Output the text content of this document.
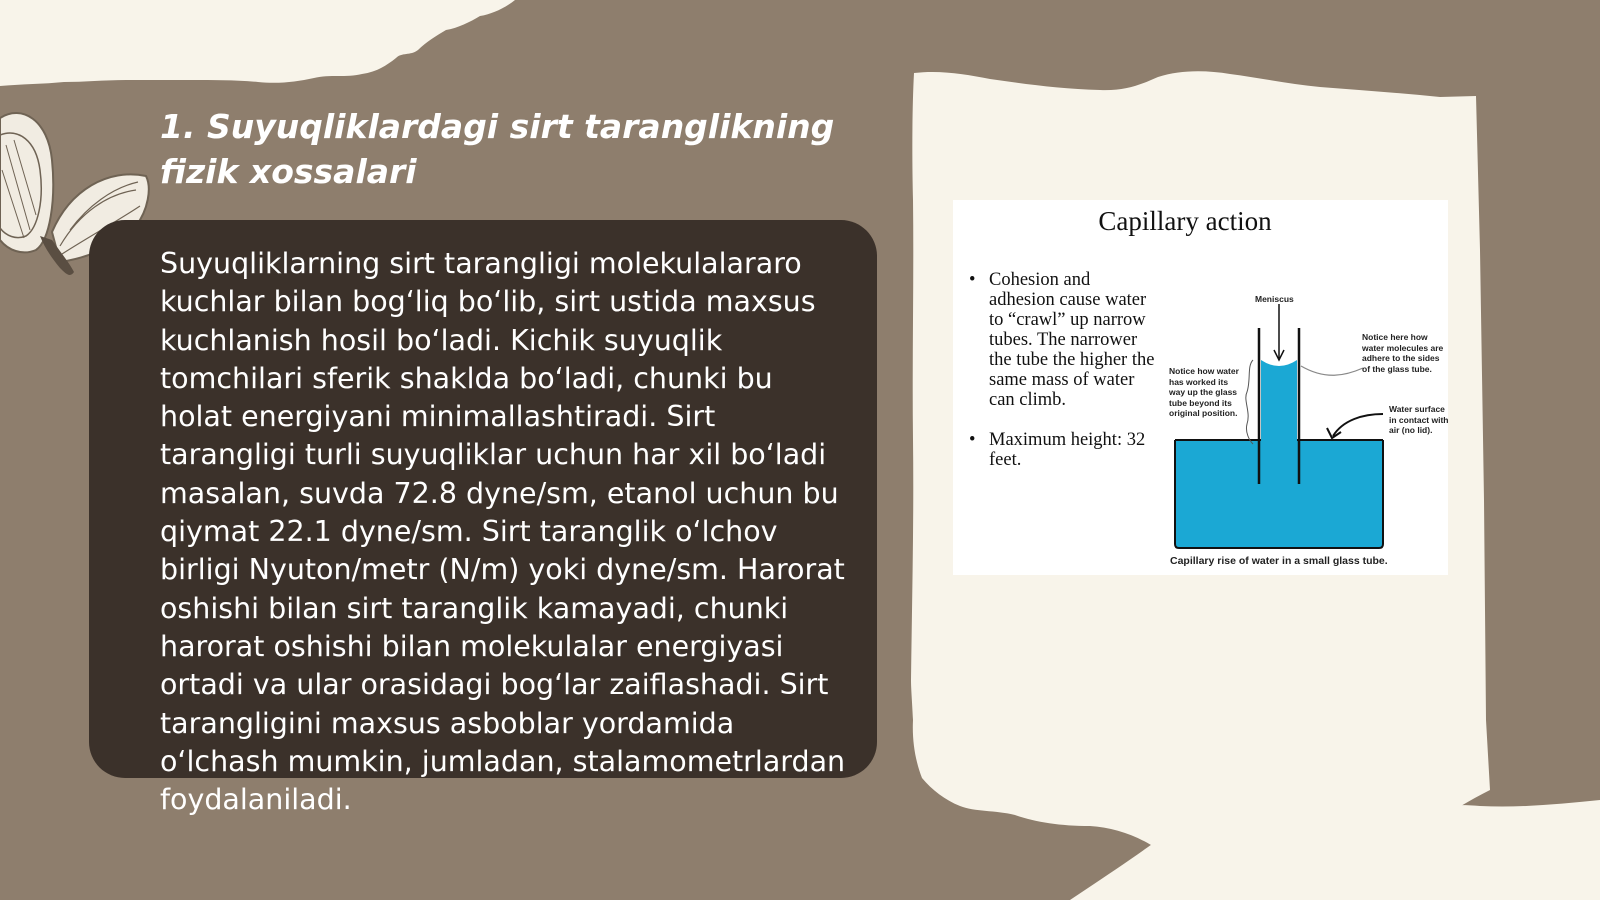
1. Suyuqliklardagi sirt taranglikning fizik xossalari

Suyuqliklarning sirt tarangligi molekulalararo kuchlar bilan bog‘liq bo‘lib, sirt ustida maxsus kuchlanish hosil bo‘ladi. Kichik suyuqlik tomchilari sferik shaklda bo‘ladi, chunki bu holat energiyani minimallashtiradi. Sirt tarangligi turli suyuqliklar uchun har xil bo‘ladi masalan, suvda 72.8 dyne/sm, etanol uchun bu qiymat 22.1 dyne/sm. Sirt taranglik o‘lchov birligi Nyuton/metr (N/m) yoki dyne/sm. Harorat oshishi bilan sirt taranglik kamayadi, chunki harorat oshishi bilan molekulalar energiyasi ortadi va ular orasidagi bog‘lar zaiflashadi. Sirt tarangligini maxsus asboblar yordamida o‘lchash mumkin, jumladan, stalamometrlardan foydalaniladi.

Capillary action
• Cohesion and adhesion cause water to “crawl” up narrow tubes. The narrower the tube the higher the same mass of water can climb.
• Maximum height: 32 feet.
Meniscus
Notice here how water molecules are adhere to the sides of the glass tube.
Notice how water has worked its way up the glass tube beyond its original position.	Water surface in contact with air (no lid).
Capillary rise of water in a small glass tube.
